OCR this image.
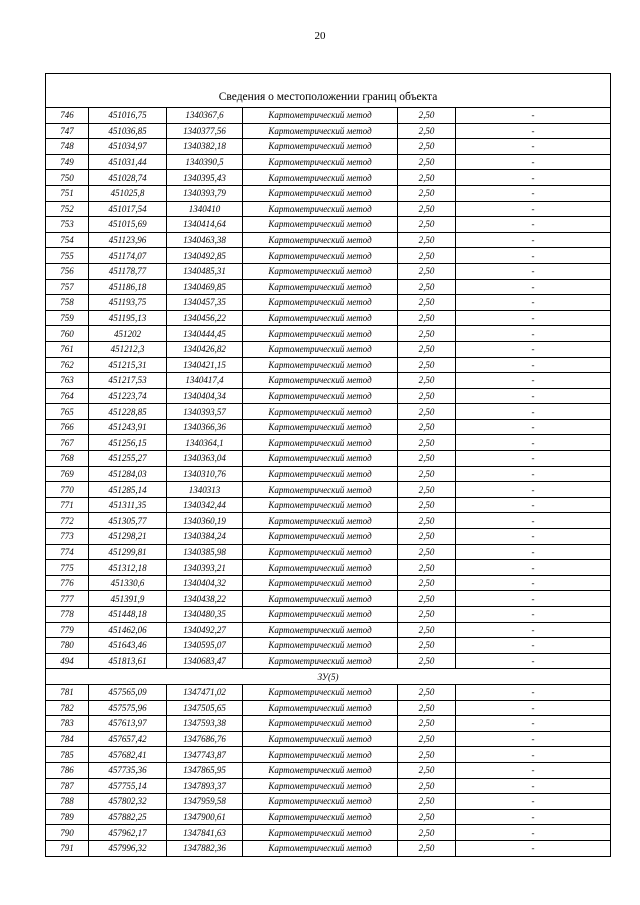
20
Сведения о местоположении границ объекта					
746	451016,75	1340367,6	Картометрический метод	2,50	-
747	451036,85	1340377,56	Картометрический метод	2,50	-
748	451034,97	1340382,18	Картометрический метод	2,50	-
749	451031,44	1340390,5	Картометрический метод	2,50	-
750	451028,74	1340395,43	Картометрический метод	2,50	-
751	451025,8	1340393,79	Картометрический метод	2,50	-
752	451017,54	1340410	Картометрический метод	2,50	-
753	451015,69	1340414,64	Картометрический метод	2,50	-
754	451123,96	1340463,38	Картометрический метод	2,50	-
755	451174,07	1340492,85	Картометрический метод	2,50	-
756	451178,77	1340485,31	Картометрический метод	2,50	-
757	451186,18	1340469,85	Картометрический метод	2,50	-
758	451193,75	1340457,35	Картометрический метод	2,50	-
759	451195,13	1340456,22	Картометрический метод	2,50	-
760	451202	1340444,45	Картометрический метод	2,50	-
761	451212,3	1340426,82	Картометрический метод	2,50	-
762	451215,31	1340421,15	Картометрический метод	2,50	-
763	451217,53	1340417,4	Картометрический метод	2,50	-
764	451223,74	1340404,34	Картометрический метод	2,50	-
765	451228,85	1340393,57	Картометрический метод	2,50	-
766	451243,91	1340366,36	Картометрический метод	2,50	-
767	451256,15	1340364,1	Картометрический метод	2,50	-
768	451255,27	1340363,04	Картометрический метод	2,50	-
769	451284,03	1340310,76	Картометрический метод	2,50	-
770	451285,14	1340313	Картометрический метод	2,50	-
771	451311,35	1340342,44	Картометрический метод	2,50	-
772	451305,77	1340360,19	Картометрический метод	2,50	-
773	451298,21	1340384,24	Картометрический метод	2,50	-
774	451299,81	1340385,98	Картометрический метод	2,50	-
775	451312,18	1340393,21	Картометрический метод	2,50	-
776	451330,6	1340404,32	Картометрический метод	2,50	-
777	451391,9	1340438,22	Картометрический метод	2,50	-
778	451448,18	1340480,35	Картометрический метод	2,50	-
779	451462,06	1340492,27	Картометрический метод	2,50	-
780	451643,46	1340595,07	Картометрический метод	2,50	-
494	451813,61	1340683,47	Картометрический метод	2,50	-
ЗУ(5)					
781	457565,09	1347471,02	Картометрический метод	2,50	-
782	457575,96	1347505,65	Картометрический метод	2,50	-
783	457613,97	1347593,38	Картометрический метод	2,50	-
784	457657,42	1347686,76	Картометрический метод	2,50	-
785	457682,41	1347743,87	Картометрический метод	2,50	-
786	457735,36	1347865,95	Картометрический метод	2,50	-
787	457755,14	1347893,37	Картометрический метод	2,50	-
788	457802,32	1347959,58	Картометрический метод	2,50	-
789	457882,25	1347900,61	Картометрический метод	2,50	-
790	457962,17	1347841,63	Картометрический метод	2,50	-
791	457996,32	1347882,36	Картометрический метод	2,50	-
